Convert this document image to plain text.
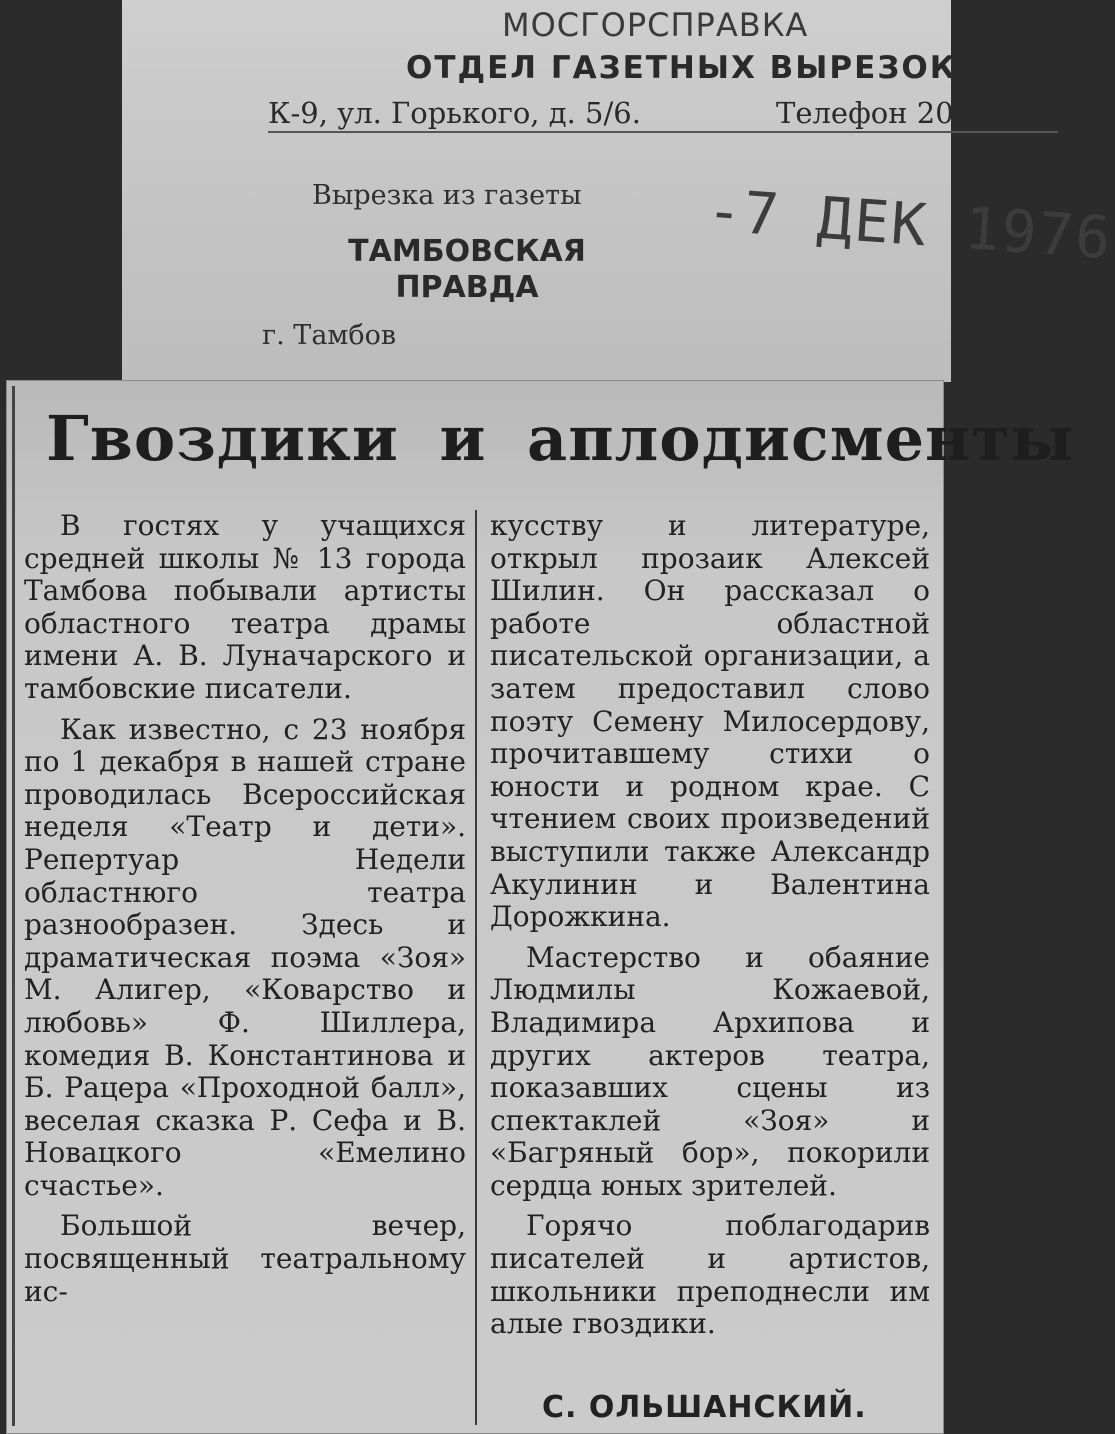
МОСГОРСПРАВКА
ОТДЕЛ ГАЗЕТНЫХ ВЫРЕЗОК
К-9, ул. Горького, д. 5/6.	Телефон 203-81-63
Вырезка из газеты
ТАМБОВСКАЯ
ПРАВДА
г. Тамбов
-7 ДЕК 1976
Гвоздики и аплодисменты

В гостях у учащихся средней школы № 13 города Тамбова побывали артисты областного театра драмы имени А. В. Луначарского и тамбовские писатели.

Как известно, с 23 ноября по 1 декабря в нашей стране проводилась Всероссийская неделя «Театр и дети». Репертуар Недели областнюго театра разнообразен. Здесь и драматическая поэма «Зоя» М. Алигер, «Коварство и любовь» Ф. Шиллера, комедия В. Константинова и Б. Рацера «Проходной балл», веселая сказка Р. Сефа и В. Новацкого «Емелино счастье».

Большой вечер, посвященный театральному ис-

кусству и литературе, открыл прозаик Алексей Шилин. Он рассказал о работе областной писательской организации, а затем предоставил слово поэту Семену Милосердову, прочитавшему стихи о юности и родном крае. С чтением своих произведений выступили также Александр Акулинин и Валентина Дорожкина.

Мастерство и обаяние Людмилы Кожаевой, Владимира Архипова и других актеров театра, показавших сцены из спектаклей «Зоя» и «Багряный бор», покорили сердца юных зрителей.

Горячо поблагодарив писателей и артистов, школьники преподнесли им алые гвоздики.

С. ОЛЬШАНСКИЙ.
